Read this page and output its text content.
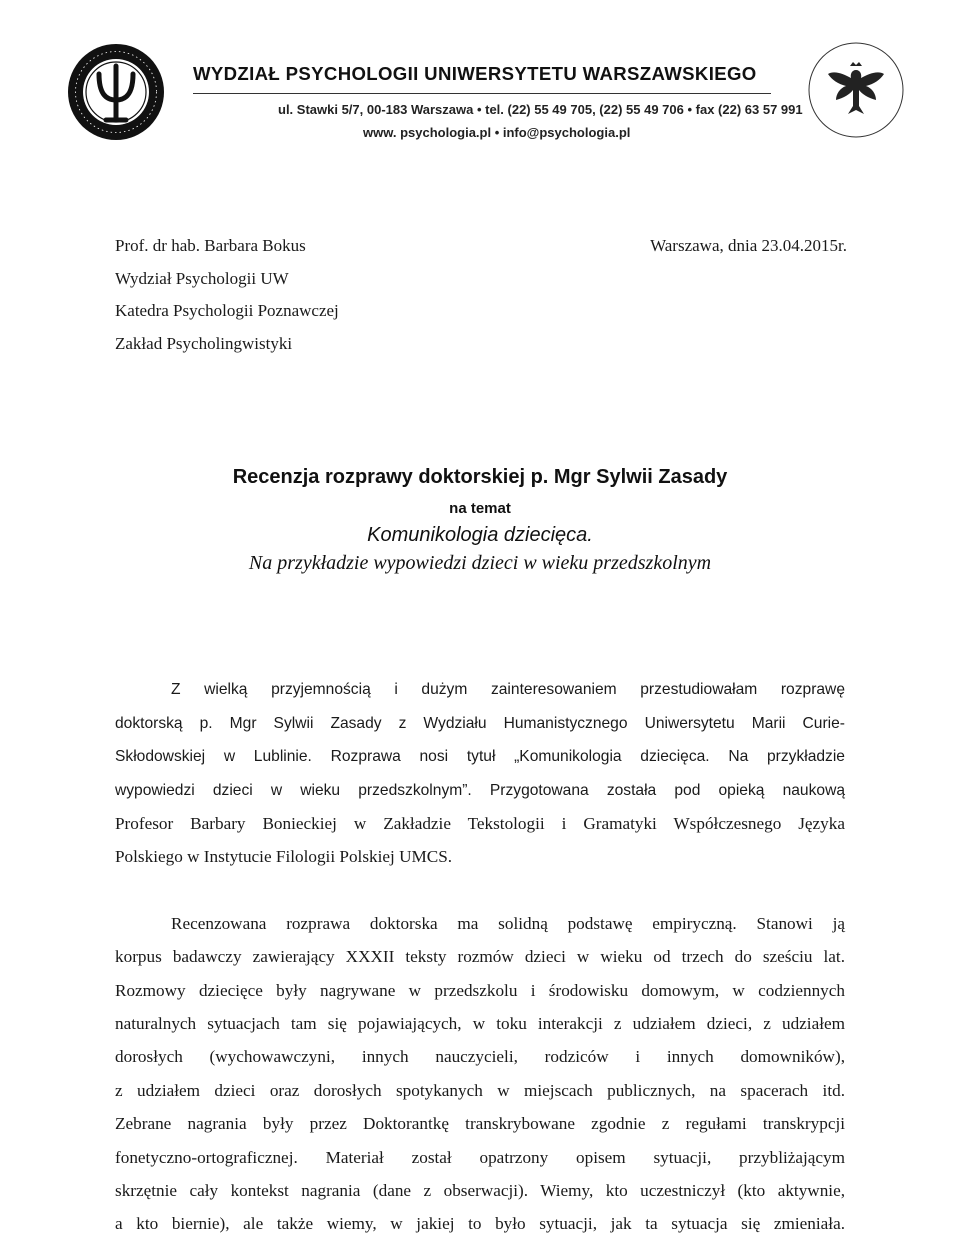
WYDZIAŁ PSYCHOLOGII UNIWERSYTETU WARSZAWSKIEGO

ul. Stawki 5/7, 00-183 Warszawa • tel. (22) 55 49 705, (22) 55 49 706 • fax (22) 63 57 991

www. psychologia.pl • info@psychologia.pl

Prof. dr hab. Barbara Bokus

Wydział Psychologii UW

Katedra Psychologii Poznawczej

Zakład Psycholingwistyki

Warszawa, dnia 23.04.2015r.

Recenzja rozprawy doktorskiej p. Mgr Sylwii Zasady

na temat

Komunikologia dziecięca.

Na przykładzie wypowiedzi dzieci w wieku przedszkolnym

Z wielką przyjemnością i dużym zainteresowaniem przestudiowałam rozprawę

doktorską p. Mgr Sylwii Zasady z Wydziału Humanistycznego Uniwersytetu Marii Curie-

Skłodowskiej w Lublinie. Rozprawa nosi tytuł „Komunikologia dziecięca. Na przykładzie

wypowiedzi dzieci w wieku przedszkolnym”. Przygotowana została pod opieką naukową

Profesor Barbary Bonieckiej w Zakładzie Tekstologii i Gramatyki Współczesnego Języka

Polskiego w Instytucie Filologii Polskiej UMCS.

Recenzowana rozprawa doktorska ma solidną podstawę empiryczną. Stanowi ją

korpus badawczy zawierający XXXII teksty rozmów dzieci w wieku od trzech do sześciu lat.

Rozmowy dziecięce były nagrywane w przedszkolu i środowisku domowym, w codziennych

naturalnych sytuacjach tam się pojawiających, w toku interakcji z udziałem dzieci, z udziałem

dorosłych (wychowawczyni, innych nauczycieli, rodziców i innych domowników),

z udziałem dzieci oraz dorosłych spotykanych w miejscach publicznych, na spacerach itd.

Zebrane nagrania były przez Doktorantkę transkrybowane zgodnie z regułami transkrypcji

fonetyczno-ortograficznej. Materiał został opatrzony opisem sytuacji, przybliżającym

skrzętnie cały kontekst nagrania (dane z obserwacji). Wiemy, kto uczestniczył (kto aktywnie,

a kto biernie), ale także wiemy, w jakiej to było sytuacji, jak ta sytuacja się zmieniała.
